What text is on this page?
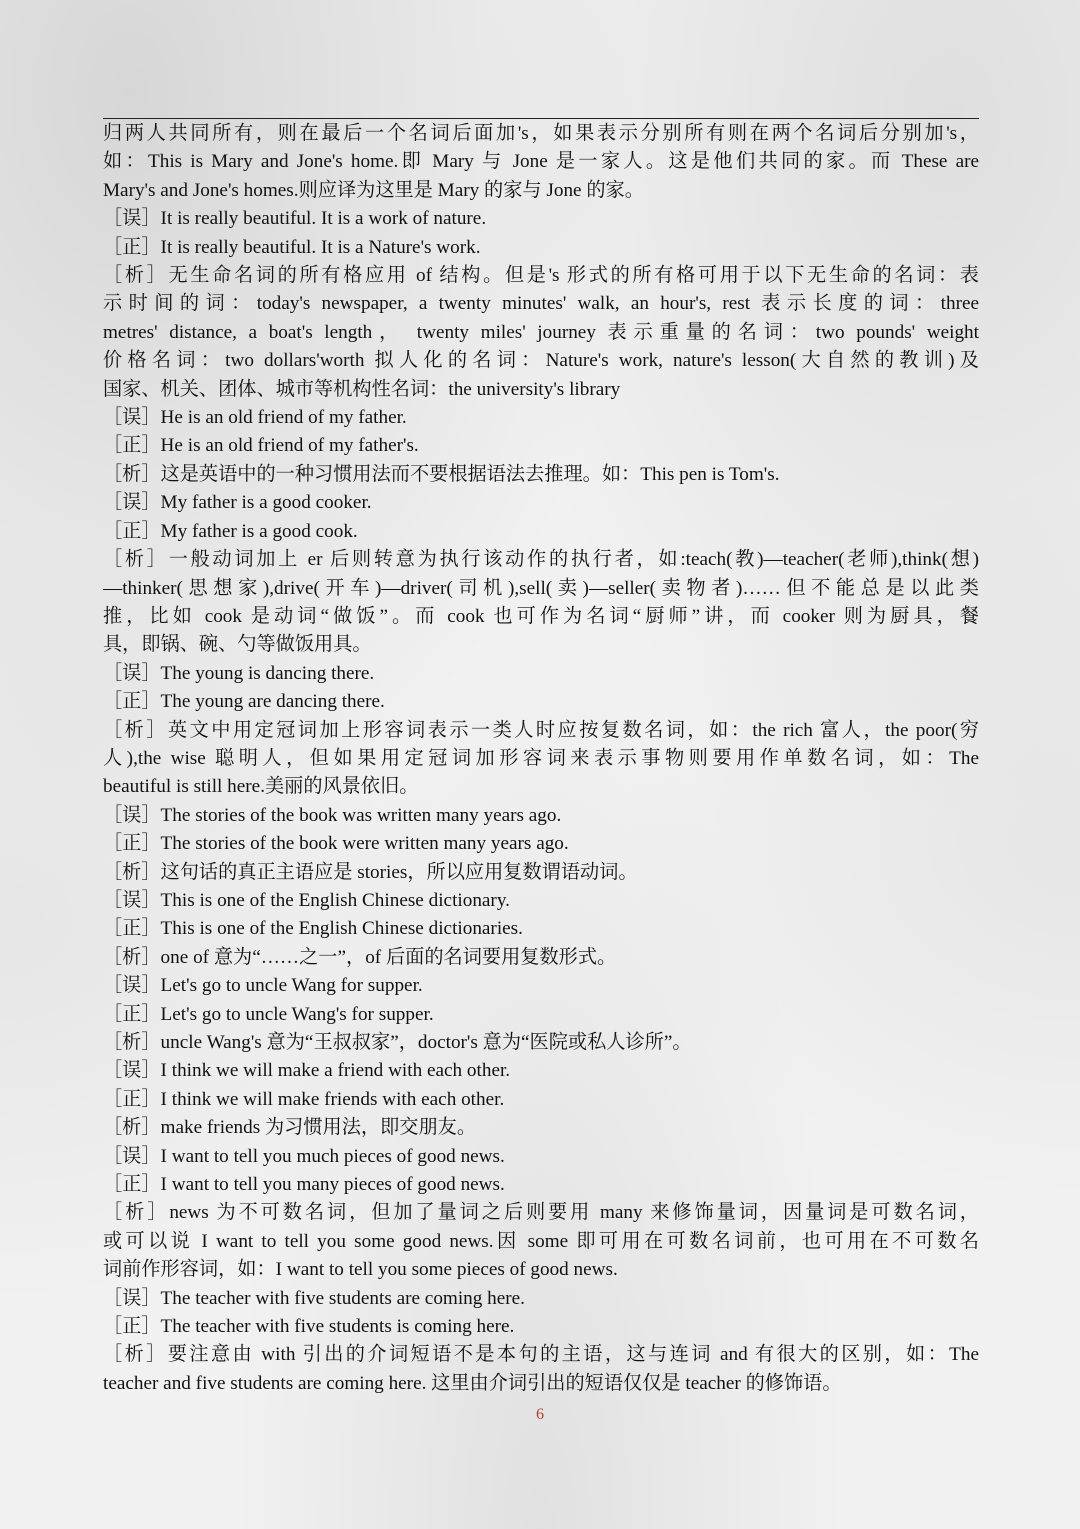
归两人共同所有，则在最后一个名词后面加's，如果表示分别所有则在两个名词后分别加's，
如：This is Mary and Jone's home.即 Mary 与 Jone 是一家人。这是他们共同的家。而 These are
Mary's and Jone's homes.则应译为这里是 Mary 的家与 Jone 的家。
［误］It is really beautiful. It is a work of nature.
［正］It is really beautiful. It is a Nature's work.
［析］无生命名词的所有格应用 of 结构。但是's 形式的所有格可用于以下无生命的名词：表
示时间的词：today's newspaper, a twenty minutes' walk, an hour's, rest 表示长度的词：three
metres' distance, a boat's length， twenty miles' journey 表示重量的名词：two pounds' weight
价格名词：two dollars'worth 拟人化的名词：Nature's work, nature's lesson(大自然的教训)及
国家、机关、团体、城市等机构性名词：the university's library
［误］He is an old friend of my father.
［正］He is an old friend of my father's.
［析］这是英语中的一种习惯用法而不要根据语法去推理。如：This pen is Tom's.
［误］My father is a good cooker.
［正］My father is a good cook.
［析］一般动词加上 er 后则转意为执行该动作的执行者，如:teach(教)—teacher(老师),think(想)
—thinker(思想家),drive(开车)—driver(司机),sell(卖)—seller(卖物者)……但不能总是以此类
推，比如 cook 是动词“做饭”。而 cook 也可作为名词“厨师”讲，而 cooker 则为厨具，餐
具，即锅、碗、勺等做饭用具。
［误］The young is dancing there.
［正］The young are dancing there.
［析］英文中用定冠词加上形容词表示一类人时应按复数名词，如：the rich 富人，the poor(穷
人),the wise 聪明人，但如果用定冠词加形容词来表示事物则要用作单数名词，如：The
beautiful is still here.美丽的风景依旧。
［误］The stories of the book was written many years ago.
［正］The stories of the book were written many years ago.
［析］这句话的真正主语应是 stories，所以应用复数谓语动词。
［误］This is one of the English Chinese dictionary.
［正］This is one of the English Chinese dictionaries.
［析］one of 意为“……之一”，of 后面的名词要用复数形式。
［误］Let's go to uncle Wang for supper.
［正］Let's go to uncle Wang's for supper.
［析］uncle Wang's 意为“王叔叔家”，doctor's 意为“医院或私人诊所”。
［误］I think we will make a friend with each other.
［正］I think we will make friends with each other.
［析］make friends 为习惯用法，即交朋友。
［误］I want to tell you much pieces of good news.
［正］I want to tell you many pieces of good news.
［析］news 为不可数名词，但加了量词之后则要用 many 来修饰量词，因量词是可数名词，
或可以说 I want to tell you some good news.因 some 即可用在可数名词前，也可用在不可数名
词前作形容词，如：I want to tell you some pieces of good news.
［误］The teacher with five students are coming here.
［正］The teacher with five students is coming here.
［析］要注意由 with 引出的介词短语不是本句的主语，这与连词 and 有很大的区别，如：The
teacher and five students are coming here. 这里由介词引出的短语仅仅是 teacher 的修饰语。
6
